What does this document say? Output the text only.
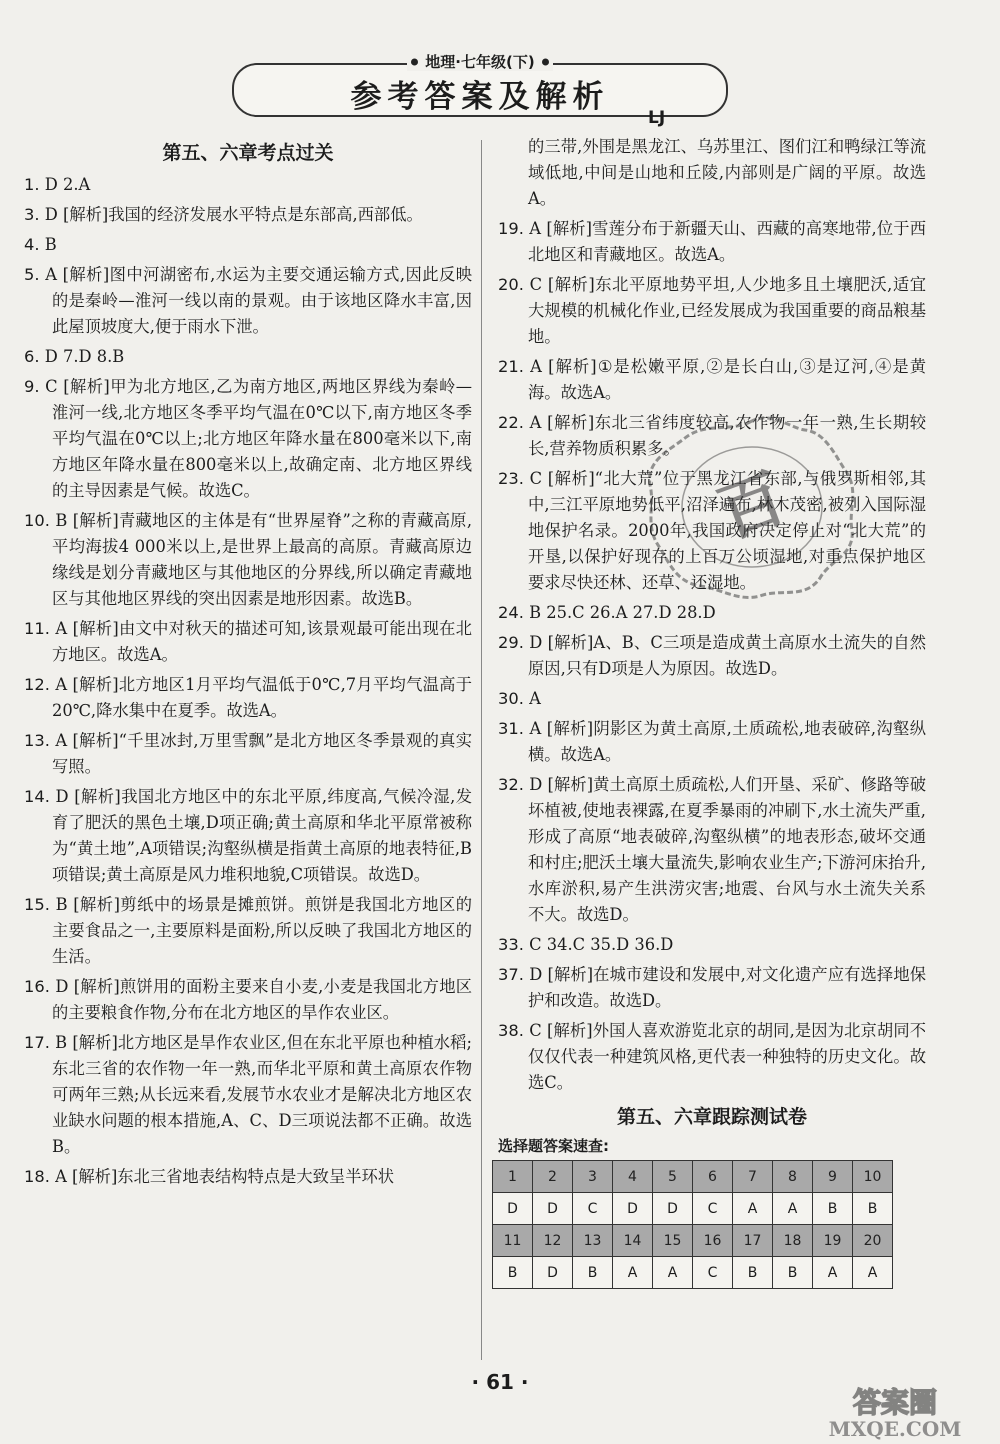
地理·七年级(下)
参考答案及解析
LJ
第五、六章考点过关
1. D 2.A
3. D [解析]我国的经济发展水平特点是东部高,西部低。
4. B
5. A [解析]图中河湖密布,水运为主要交通运输方式,因此反映的是秦岭—淮河一线以南的景观。由于该地区降水丰富,因此屋顶坡度大,便于雨水下泄。
6. D 7.D 8.B
9. C [解析]甲为北方地区,乙为南方地区,两地区界线为秦岭—淮河一线,北方地区冬季平均气温在0℃以下,南方地区冬季平均气温在0℃以上;北方地区年降水量在800毫米以下,南方地区年降水量在800毫米以上,故确定南、北方地区界线的主导因素是气候。故选C。
10. B [解析]青藏地区的主体是有“世界屋脊”之称的青藏高原,平均海拔4 000米以上,是世界上最高的高原。青藏高原边缘线是划分青藏地区与其他地区的分界线,所以确定青藏地区与其他地区界线的突出因素是地形因素。故选B。
11. A [解析]由文中对秋天的描述可知,该景观最可能出现在北方地区。故选A。
12. A [解析]北方地区1月平均气温低于0℃,7月平均气温高于20℃,降水集中在夏季。故选A。
13. A [解析]“千里冰封,万里雪飘”是北方地区冬季景观的真实写照。
14. D [解析]我国北方地区中的东北平原,纬度高,气候冷湿,发育了肥沃的黑色土壤,D项正确;黄土高原和华北平原常被称为“黄土地”,A项错误;沟壑纵横是指黄土高原的地表特征,B项错误;黄土高原是风力堆积地貌,C项错误。故选D。
15. B [解析]剪纸中的场景是摊煎饼。煎饼是我国北方地区的主要食品之一,主要原料是面粉,所以反映了我国北方地区的生活。
16. D [解析]煎饼用的面粉主要来自小麦,小麦是我国北方地区的主要粮食作物,分布在北方地区的旱作农业区。
17. B [解析]北方地区是旱作农业区,但在东北平原也种植水稻;东北三省的农作物一年一熟,而华北平原和黄土高原农作物可两年三熟;从长远来看,发展节水农业才是解决北方地区农业缺水问题的根本措施,A、C、D三项说法都不正确。故选B。
18. A [解析]东北三省地表结构特点是大致呈半环状
的三带,外围是黑龙江、乌苏里江、图们江和鸭绿江等流域低地,中间是山地和丘陵,内部则是广阔的平原。故选A。
19. A [解析]雪莲分布于新疆天山、西藏的高寒地带,位于西北地区和青藏地区。故选A。
20. C [解析]东北平原地势平坦,人少地多且土壤肥沃,适宜大规模的机械化作业,已经发展成为我国重要的商品粮基地。
21. A [解析]①是松嫩平原,②是长白山,③是辽河,④是黄海。故选A。
22. A [解析]东北三省纬度较高,农作物一年一熟,生长期较长,营养物质积累多。
23. C [解析]“北大荒”位于黑龙江省东部,与俄罗斯相邻,其中,三江平原地势低平,沼泽遍布,林木茂密,被列入国际湿地保护名录。2000年,我国政府决定停止对“北大荒”的开垦,以保护好现存的上百万公顷湿地,对重点保护地区要求尽快还林、还草、还湿地。
24. B 25.C 26.A 27.D 28.D
29. D [解析]A、B、C三项是造成黄土高原水土流失的自然原因,只有D项是人为原因。故选D。
30. A
31. A [解析]阴影区为黄土高原,土质疏松,地表破碎,沟壑纵横。故选A。
32. D [解析]黄土高原土质疏松,人们开垦、采矿、修路等破坏植被,使地表裸露,在夏季暴雨的冲刷下,水土流失严重,形成了高原“地表破碎,沟壑纵横”的地表形态,破坏交通和村庄;肥沃土壤大量流失,影响农业生产;下游河床抬升,水库淤积,易产生洪涝灾害;地震、台风与水土流失关系不大。故选D。
33. C 34.C 35.D 36.D
37. D [解析]在城市建设和发展中,对文化遗产应有选择地保护和改造。故选D。
38. C [解析]外国人喜欢游览北京的胡同,是因为北京胡同不仅仅代表一种建筑风格,更代表一种独特的历史文化。故选C。
第五、六章跟踪测试卷
选择题答案速查:
1	2	3	4	5	6	7	8	9	10
D	D	C	D	D	C	A	A	B	B
11	12	13	14	15	16	17	18	19	20
B	D	B	A	A	C	B	B	A	A
百
· 61 ·
答案圈
MXQE.COM
